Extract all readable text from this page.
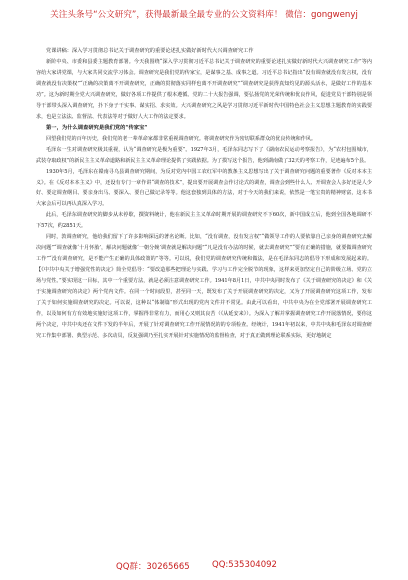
关注头条号“公文研究”，获得最新最全最专业的公文资料库！ 微信：gongwenyj

党课讲稿：深入学习贯彻总书记关于调查研究的重要论述扎实做好新时代大兴调查研究工作

新阶中央、市委和县委主题教育部署。今天我围绕“深入学习贯彻习近平总书记关于调查研究的重要论述扎实做好新时代大兴调查研究工作”等内容给大家讲党课，与大家共同交流学习体会。调查研究是我们党的传家宝，是谋事之基、成事之道。习近平总书记指出“没有调查就没有发言权，没有调查就没有决策权”“正确的决策离不开调查研究，正确的贯彻落实同样也离不开调查研究”“调查研究是获得真知灼见的源头活水，是做好工作的基本功”。这为新时期全党大兴调查研究，做好各项工作提供了根本遵循。党的二十大报告强调，要弘扬党的光荣传统和优良作风，促进党员干部特别是领导干部带头深入调查研究，扑下身子干实事、谋实招、求实效。大兴调查研究之风是学习贯彻习近平新时代中国特色社会主义思想主题教育的实践要求，也是立法法、监督法、代表法等对于做好人大工作的法定要求。

第一，为什么调查研究是我们党的“传家宝”

回望我们党的百年历史，我们党的老一辈革命家都非常重视调查研究。将调查研究作为密切联系群众的优良传统和作风。

毛泽东一生对调查研究极其重视，认为“调查研究是极为重要”。1927年3月，毛泽东同志写下了《湖南农民运动考察报告》，为“农村包围城市，武装夺取政权”的新民主主义革命道路和新民主主义革命理论提供了实践依据。为了摸写这个报告，他到湖南做了32天的考察工作，足迹遍布5个县。

1930年5月，毛泽东在赣南寻乌县调查研究期间，为反对党内中国工农红军中的教条主义思想写出了关于调查研究问题的重要著作《反对本本主义》。在《反对本本主义》中，还设有专门一章作讲“调查的技术”，提出要开展调查会作讨论式的调查，调查会到些什么人、开调查会人多好还是人少好、要定调查纲目、要亲身出马、要深入、要自己做记录等等。他这套独到具体的方法，对于今天的我们来说，依然是一笔宝贵的精神财富，这本书大家会后可以再认真深入学习。

此后，毛泽东调查研究的脚步从未停歇，撰资料统计，他在新民主主义革命时期开展的调查研究不下60次，新中国成立后，他到全国各地调研不下57次，约2851天。

同时，敦调查研究，他给我们留下了许多影响深远的著名论断。比如，“没有调查，没有发言权”“做领导工作的人要依靠自己亲身的调查研究去解决问题”“调查就像‘十月怀胎’，解决问题就像‘一朝分娩’调查就是解决问题”“凡是没有办法的时候，就去调查研究”“要有正确的措施，就要做调查研究工作”“没有调查研究，是不能产生正确的具体政策的”等等。可以说，我们党的调查研究传统和做法，是在毛泽东同志的倡导下形成和发展起来的。【《中共中央关于增强党性的决定》简全党倡导：“要改造那些把理论与实践、学习与工作完全脱节的现象，这样来更加坚定自己的阶级立场、党的立场与党性。”要实现这一目标，其中一个重要方法，就是必须注意调查研究工作。1941年8月1日，中共中央同时发布了《关于调查研究的决定》和《关于实施调查研究的决定》两个党内文件。在同一个时间段里，甚至同一天，既发布了关于开展调查研究的决定，又为了开展调查研究这项工作，发布了关于如何实施调查研究的决定。可以说，这种以“体制篇”形式出现的党内文件并不常见。由此可以看出，中共中央为在全党部署开展调查研究工作，以及如何有方有效地实施好这项工作，掌握得非常有力，而用心又则其良苦（《从延安来》）。为深入了解并掌握调查研究工作开展落情况，要你这两个决定，中共中央还在文件下发的半年后，开展了针对调查研究工作开展情况的的专项检查。经统计，1941年初以来，中共中央和毛泽东对调查研究工作集中部署、典型示范、多次动员，反复强调乃至扎实开展针对实施情况的监督检查，对于真正做到理论联系实际，更好地制定

QQ群：30265665	QQ:535304092
